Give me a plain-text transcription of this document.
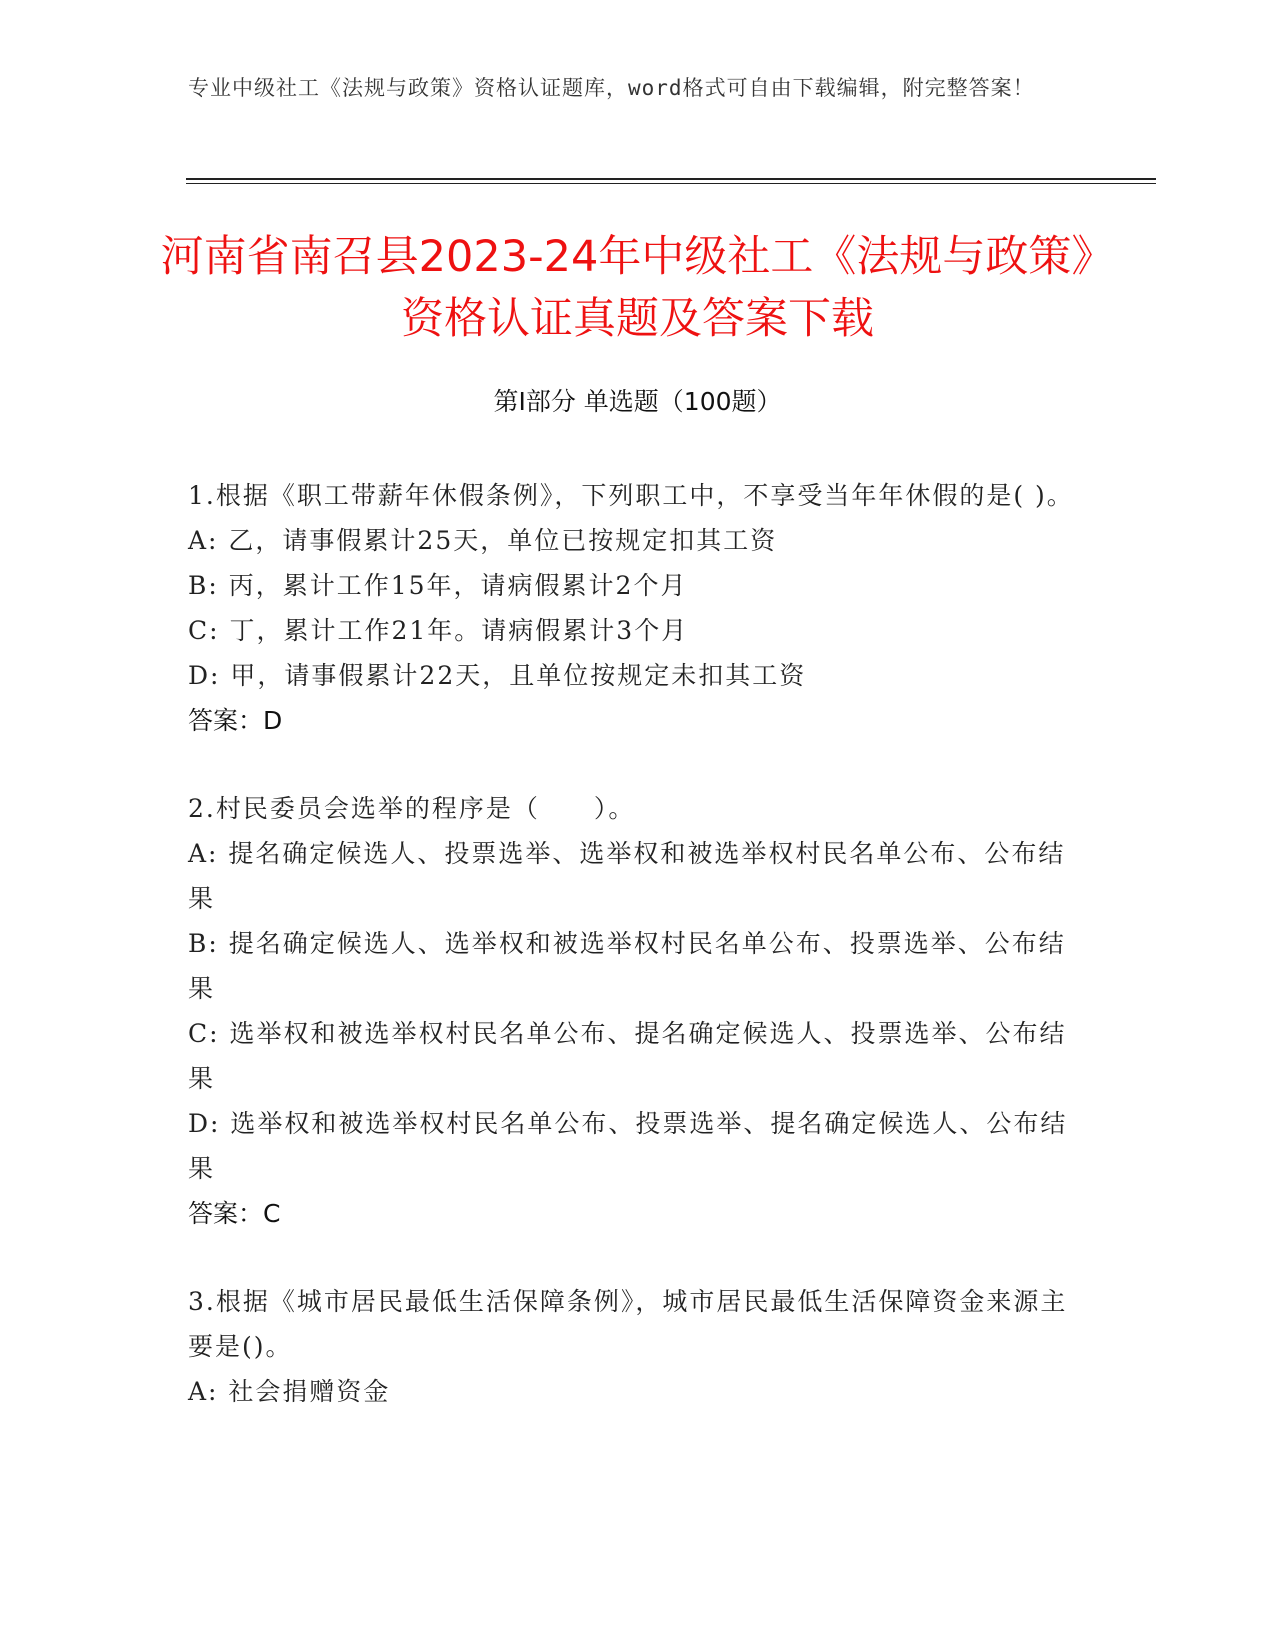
专业中级社工《法规与政策》资格认证题库，word格式可自由下载编辑，附完整答案！
河南省南召县2023-24年中级社工《法规与政策》资格认证真题及答案下载
第I部分 单选题（100题）

1.根据《职工带薪年休假条例》，下列职工中，不享受当年年休假的是( )。

A: 乙，请事假累计25天，单位已按规定扣其工资

B: 丙，累计工作15年，请病假累计2个月

C: 丁，累计工作21年。请病假累计3个月

D: 甲，请事假累计22天，且单位按规定未扣其工资

答案：D

2.村民委员会选举的程序是（　　）。

A: 提名确定候选人、投票选举、选举权和被选举权村民名单公布、公布结果

B: 提名确定候选人、选举权和被选举权村民名单公布、投票选举、公布结果

C: 选举权和被选举权村民名单公布、提名确定候选人、投票选举、公布结果

D: 选举权和被选举权村民名单公布、投票选举、提名确定候选人、公布结果

答案：C

3.根据《城市居民最低生活保障条例》，城市居民最低生活保障资金来源主要是()。

A: 社会捐赠资金
